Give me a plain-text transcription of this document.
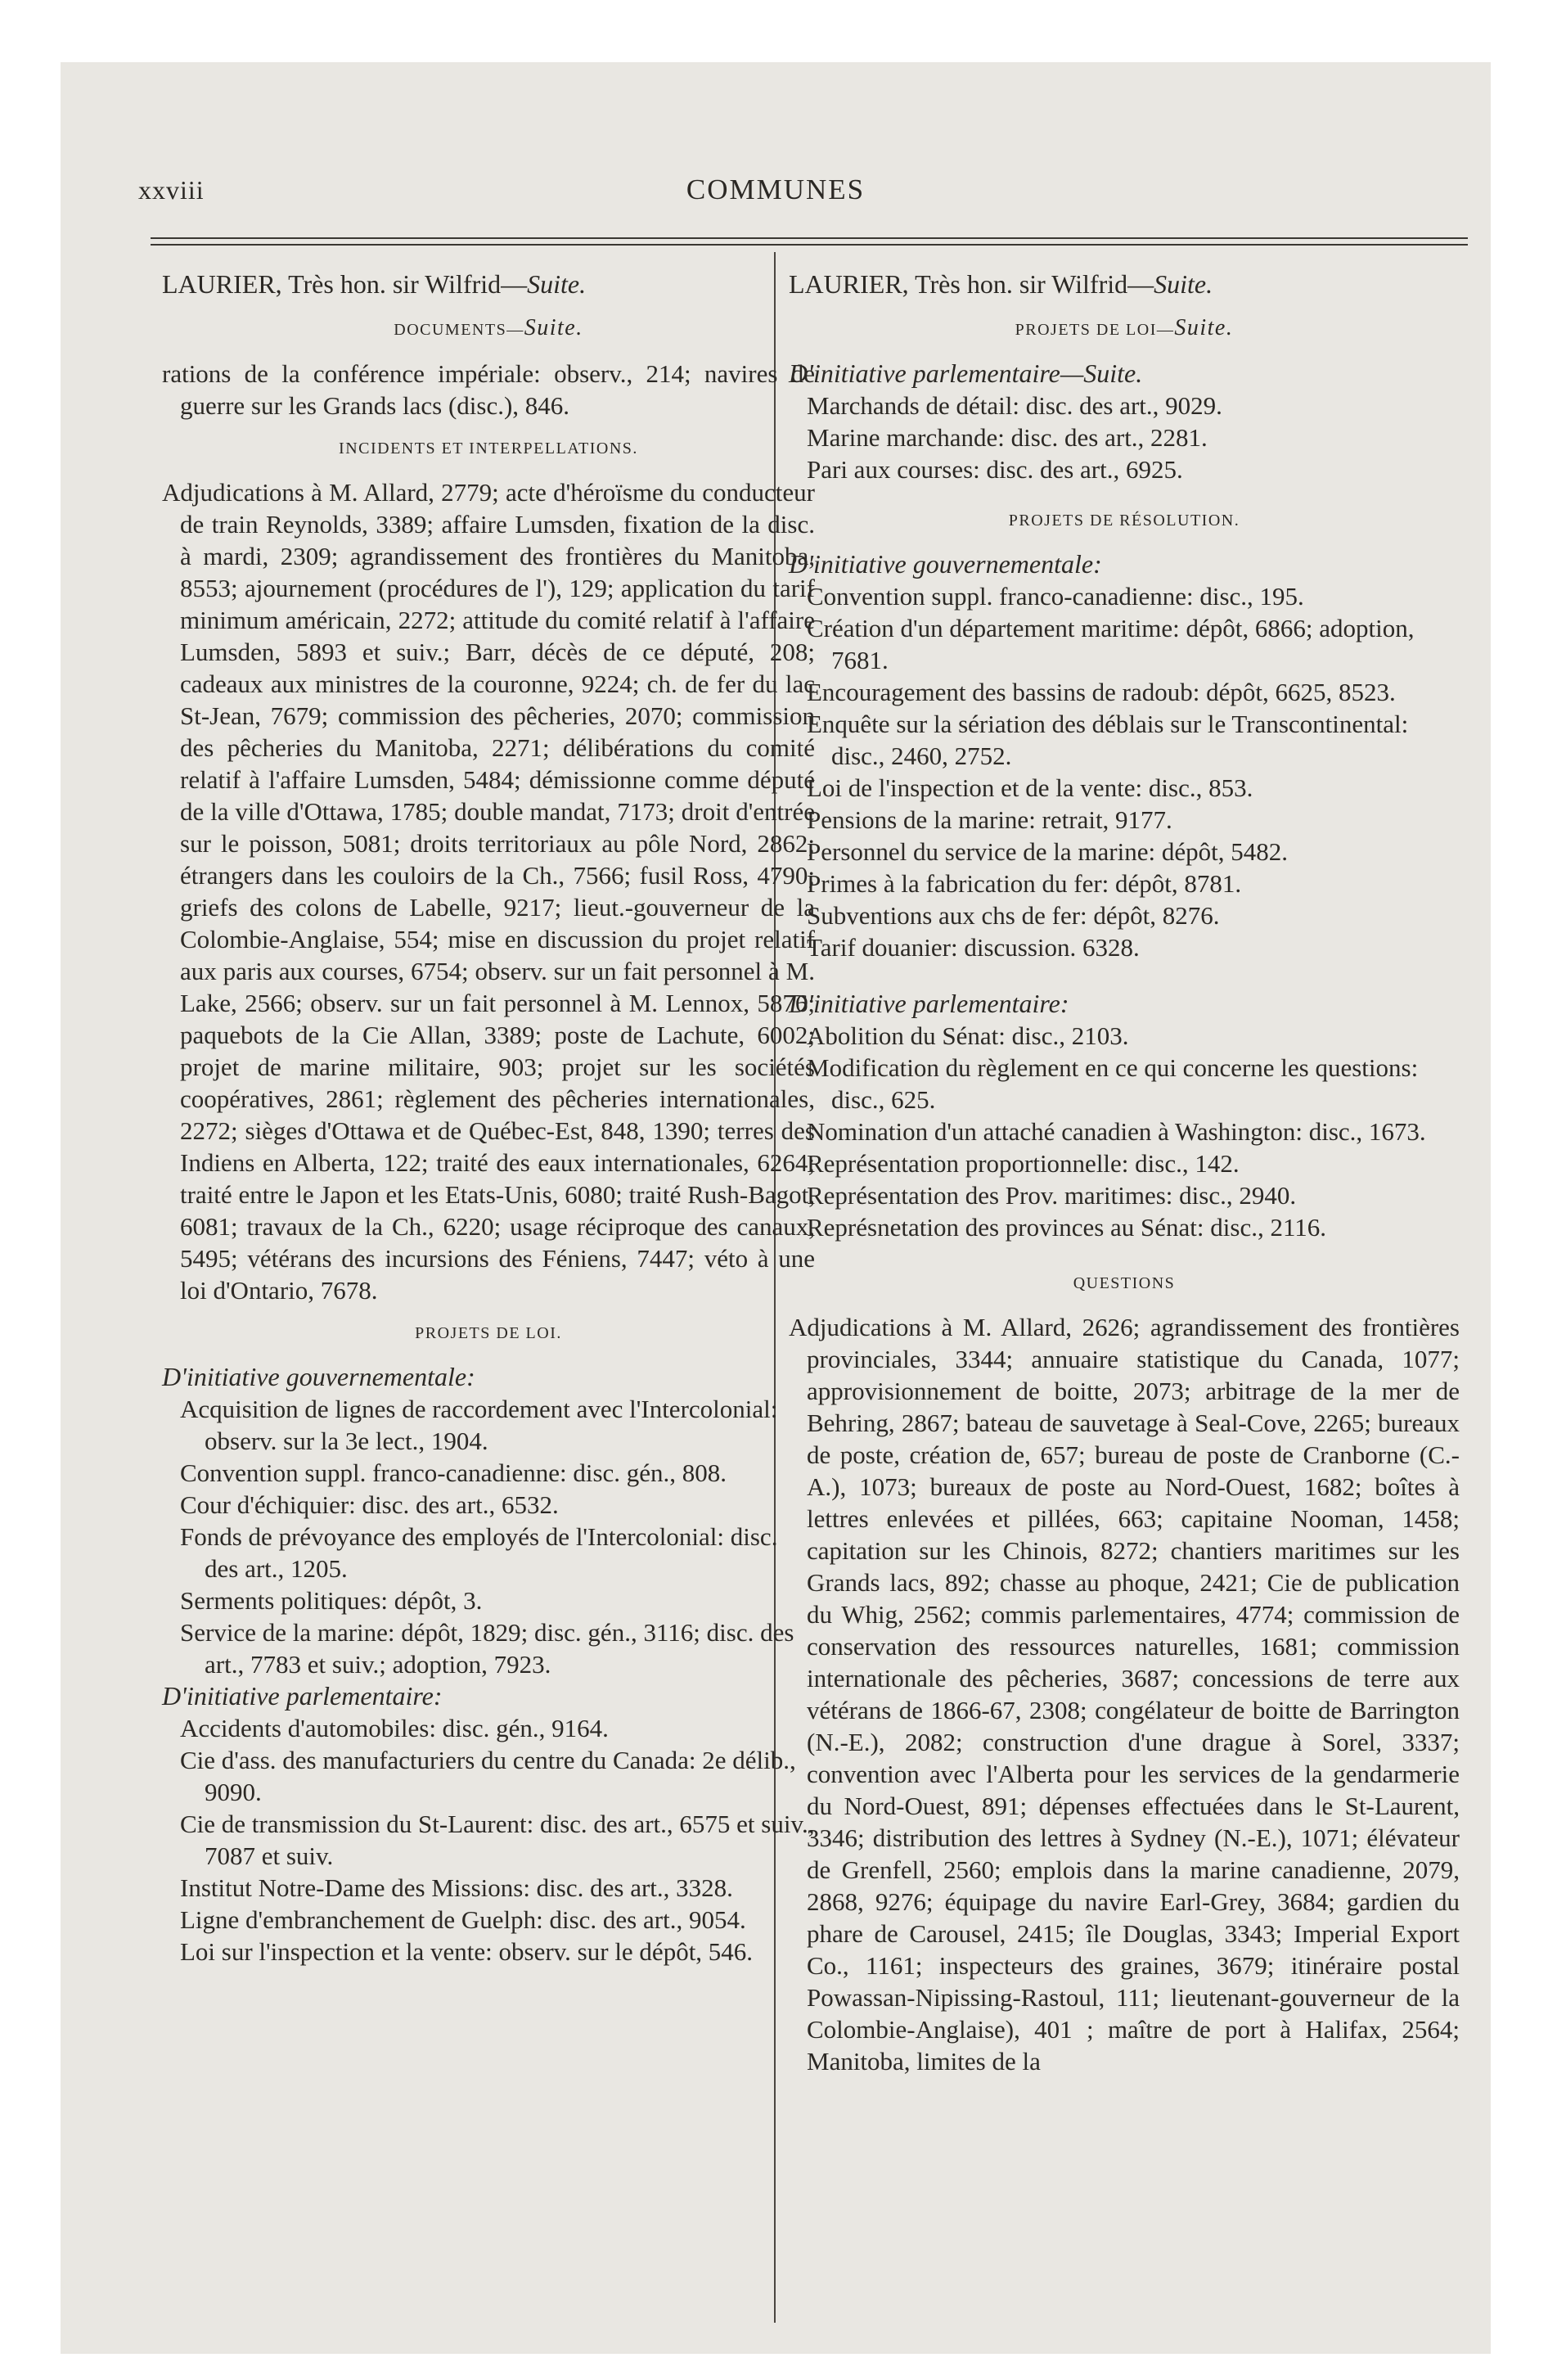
xxviii	COMMUNES

LAURIER, Très hon. sir Wilfrid—Suite.

DOCUMENTS—Suite.

rations de la conférence impériale: observ., 214; navires de guerre sur les Grands lacs (disc.), 846.

INCIDENTS ET INTERPELLATIONS.

Adjudications à M. Allard, 2779; acte d'héroïsme du conducteur de train Reynolds, 3389; affaire Lumsden, fixation de la disc. à mardi, 2309; agrandissement des frontières du Manitoba, 8553; ajournement (procédures de l'), 129; application du tarif minimum américain, 2272; attitude du comité relatif à l'affaire Lumsden, 5893 et suiv.; Barr, décès de ce député, 208; cadeaux aux ministres de la couronne, 9224; ch. de fer du lac St-Jean, 7679; commission des pêcheries, 2070; commission des pêcheries du Manitoba, 2271; délibérations du comité relatif à l'affaire Lumsden, 5484; démissionne comme député de la ville d'Ottawa, 1785; double mandat, 7173; droit d'entrée sur le poisson, 5081; droits territoriaux au pôle Nord, 2862; étrangers dans les couloirs de la Ch., 7566; fusil Ross, 4790; griefs des colons de Labelle, 9217; lieut.-gouverneur de la Colombie-Anglaise, 554; mise en discussion du projet relatif aux paris aux courses, 6754; observ. sur un fait personnel à M. Lake, 2566; observ. sur un fait personnel à M. Lennox, 5876; paquebots de la Cie Allan, 3389; poste de Lachute, 6002; projet de marine militaire, 903; projet sur les sociétés coopératives, 2861; règlement des pêcheries internationales, 2272; sièges d'Ottawa et de Québec-Est, 848, 1390; terres des Indiens en Alberta, 122; traité des eaux internationales, 6264; traité entre le Japon et les Etats-Unis, 6080; traité Rush-Bagot, 6081; travaux de la Ch., 6220; usage réciproque des canaux, 5495; vétérans des incursions des Féniens, 7447; véto à une loi d'Ontario, 7678.

PROJETS DE LOI.

D'initiative gouvernementale:

Acquisition de lignes de raccordement avec l'Intercolonial: observ. sur la 3e lect., 1904.

Convention suppl. franco-canadienne: disc. gén., 808.

Cour d'échiquier: disc. des art., 6532.

Fonds de prévoyance des employés de l'Intercolonial: disc. des art., 1205.

Serments politiques: dépôt, 3.

Service de la marine: dépôt, 1829; disc. gén., 3116; disc. des art., 7783 et suiv.; adoption, 7923.

D'initiative parlementaire:

Accidents d'automobiles: disc. gén., 9164.

Cie d'ass. des manufacturiers du centre du Canada: 2e délib., 9090.

Cie de transmission du St-Laurent: disc. des art., 6575 et suiv., 7087 et suiv.

Institut Notre-Dame des Missions: disc. des art., 3328.

Ligne d'embranchement de Guelph: disc. des art., 9054.

Loi sur l'inspection et la vente: observ. sur le dépôt, 546.

LAURIER, Très hon. sir Wilfrid—Suite.

PROJETS DE LOI—Suite.

D'initiative parlementaire—Suite.

Marchands de détail: disc. des art., 9029.

Marine marchande: disc. des art., 2281.

Pari aux courses: disc. des art., 6925.

PROJETS DE RÉSOLUTION.

D'initiative gouvernementale:

Convention suppl. franco-canadienne: disc., 195.

Création d'un département maritime: dépôt, 6866; adoption, 7681.

Encouragement des bassins de radoub: dépôt, 6625, 8523.

Enquête sur la sériation des déblais sur le Transcontinental: disc., 2460, 2752.

Loi de l'inspection et de la vente: disc., 853.

Pensions de la marine: retrait, 9177.

Personnel du service de la marine: dépôt, 5482.

Primes à la fabrication du fer: dépôt, 8781.

Subventions aux chs de fer: dépôt, 8276.

Tarif douanier: discussion. 6328.

D'initiative parlementaire:

Abolition du Sénat: disc., 2103.

Modification du règlement en ce qui concerne les questions: disc., 625.

Nomination d'un attaché canadien à Washington: disc., 1673.

Représentation proportionnelle: disc., 142.

Représentation des Prov. maritimes: disc., 2940.

Représnetation des provinces au Sénat: disc., 2116.

QUESTIONS

Adjudications à M. Allard, 2626; agrandissement des frontières provinciales, 3344; annuaire statistique du Canada, 1077; approvisionnement de boitte, 2073; arbitrage de la mer de Behring, 2867; bateau de sauvetage à Seal-Cove, 2265; bureaux de poste, création de, 657; bureau de poste de Cranborne (C.-A.), 1073; bureaux de poste au Nord-Ouest, 1682; boîtes à lettres enlevées et pillées, 663; capitaine Nooman, 1458; capitation sur les Chinois, 8272; chantiers maritimes sur les Grands lacs, 892; chasse au phoque, 2421; Cie de publication du Whig, 2562; commis parlementaires, 4774; commission de conservation des ressources naturelles, 1681; commission internationale des pêcheries, 3687; concessions de terre aux vétérans de 1866-67, 2308; congélateur de boitte de Barrington (N.-E.), 2082; construction d'une drague à Sorel, 3337; convention avec l'Alberta pour les services de la gendarmerie du Nord-Ouest, 891; dépenses effectuées dans le St-Laurent, 3346; distribution des lettres à Sydney (N.-E.), 1071; élévateur de Grenfell, 2560; emplois dans la marine canadienne, 2079, 2868, 9276; équipage du navire Earl-Grey, 3684; gardien du phare de Carousel, 2415; île Douglas, 3343; Imperial Export Co., 1161; inspecteurs des graines, 3679; itinéraire postal Powassan-Nipissing-Rastoul, 111; lieutenant-gouverneur de la Colombie-Anglaise), 401 ; maître de port à Halifax, 2564; Manitoba, limites de la
